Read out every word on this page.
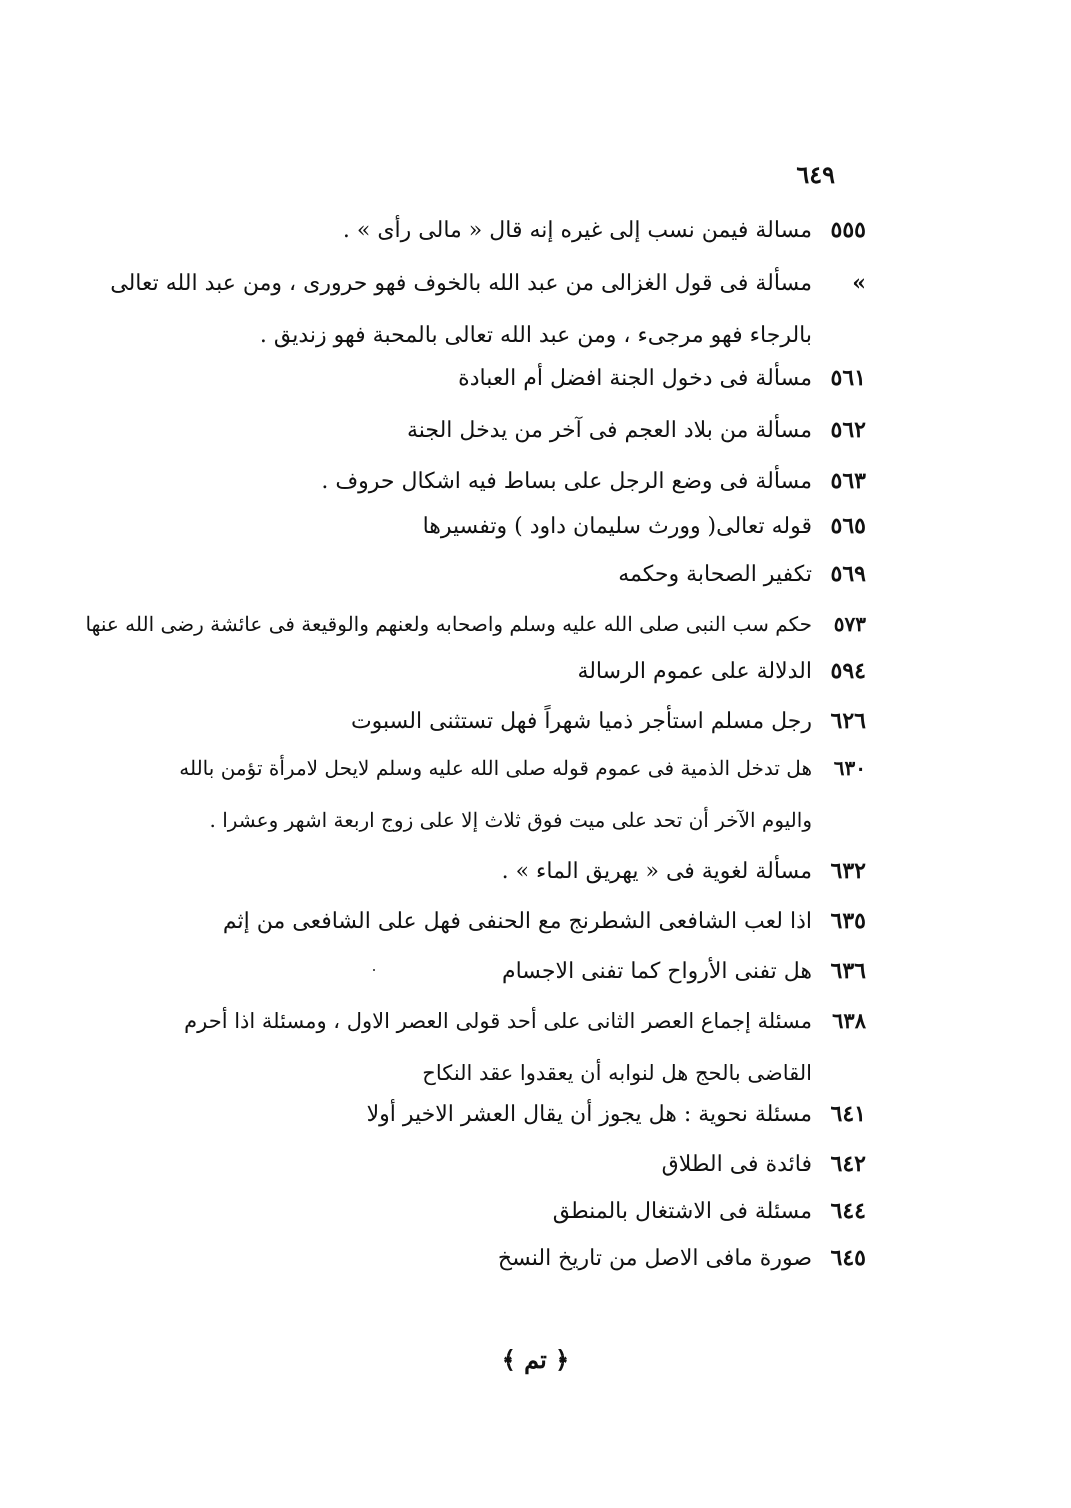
٦٤٩
٥٥٥مسالة فيمن نسب إلى غيره إنه قال « مالى رأى » .
»مسألة فى قول الغزالى من عبد الله بالخوف فهو حرورى ، ومن عبد الله تعالى
بالرجاء فهو مرجىء ، ومن عبد الله تعالى بالمحبة فهو زنديق .
٥٦١مسألة فى دخول الجنة افضل أم العبادة
٥٦٢مسألة من بلاد العجم فى آخر من يدخل الجنة
٥٦٣مسألة فى وضع الرجل على بساط فيه اشكال حروف .
٥٦٥قوله تعالى( وورث سليمان داود ) وتفسيرها
٥٦٩تكفير الصحابة وحكمه
٥٧٣حكم سب النبى صلى الله عليه وسلم واصحابه ولعنهم والوقيعة فى عائشة رضى الله عنها
٥٩٤الدلالة على عموم الرسالة
٦٢٦رجل مسلم استأجر ذميا شهراً فهل تستثنى السبوت
٦٣٠هل تدخل الذمية فى عموم قوله صلى الله عليه وسلم لايحل لامرأة تؤمن بالله
واليوم الآخر أن تحد على ميت فوق ثلاث إلا على زوج اربعة اشهر وعشرا .
٦٣٢مسألة لغوية فى « يهريق الماء » .
٦٣٥اذا لعب الشافعى الشطرنج مع الحنفى فهل على الشافعى من إثم
٦٣٦هل تفنى الأرواح كما تفنى الاجسام
٦٣٨مسئلة إجماع العصر الثانى على أحد قولى العصر الاول ، ومسئلة اذا أحرم
القاضى بالحج هل لنوابه أن يعقدوا عقد النكاح
٦٤١مسئلة نحوية : هل يجوز أن يقال العشر الاخير أولا
٦٤٢فائدة فى الطلاق
٦٤٤مسئلة فى الاشتغال بالمنطق
٦٤٥صورة مافى الاصل من تاريخ النسخ
﴿ تم ﴾
